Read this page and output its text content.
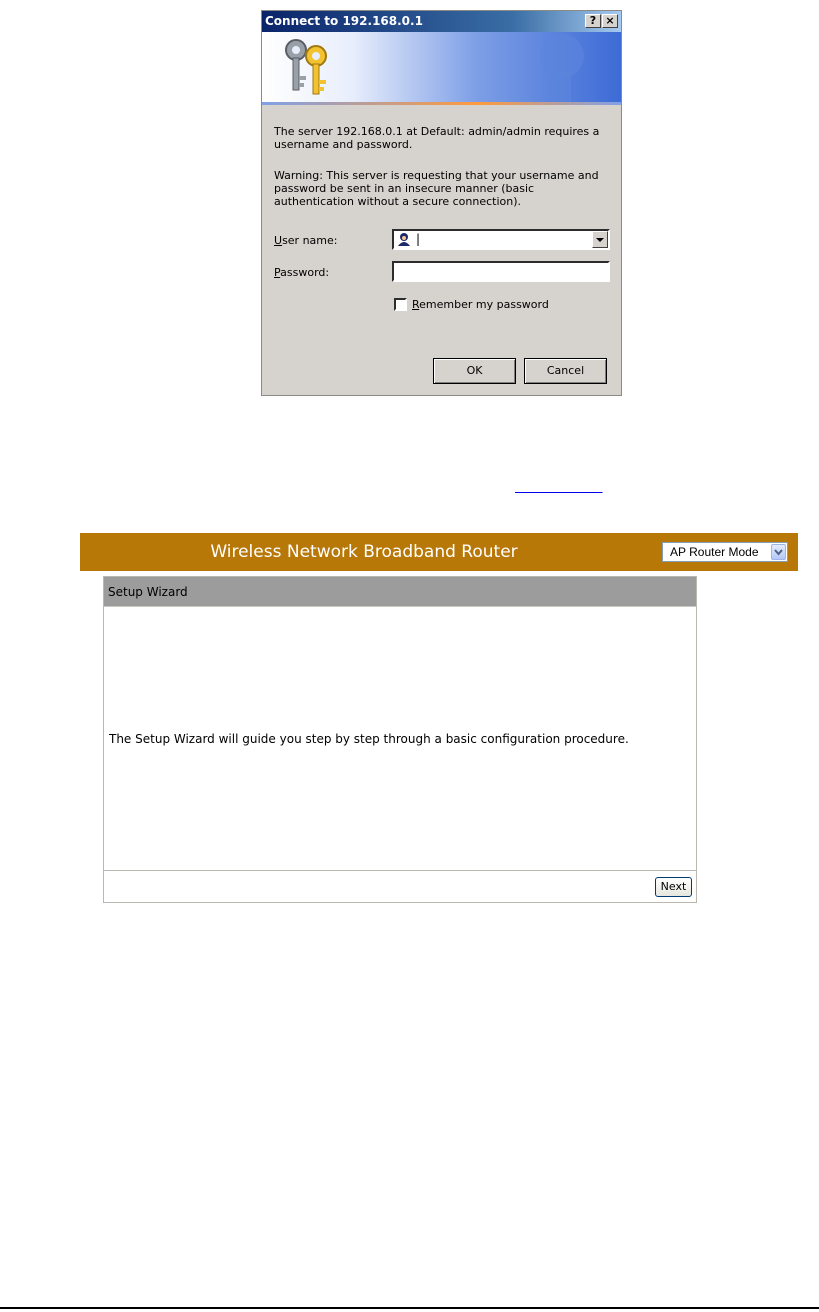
Connect to 192.168.0.1	? ×
The server 192.168.0.1 at Default: admin/admin requires a username and password.
Warning: This server is requesting that your username and password be sent in an insecure manner (basic authentication without a secure connection).
User name:	|
Password:
Remember my password
OK	Cancel

Wireless Network Broadband Router	AP Router Mode
Setup Wizard
The Setup Wizard will guide you step by step through a basic configuration procedure.
Next
